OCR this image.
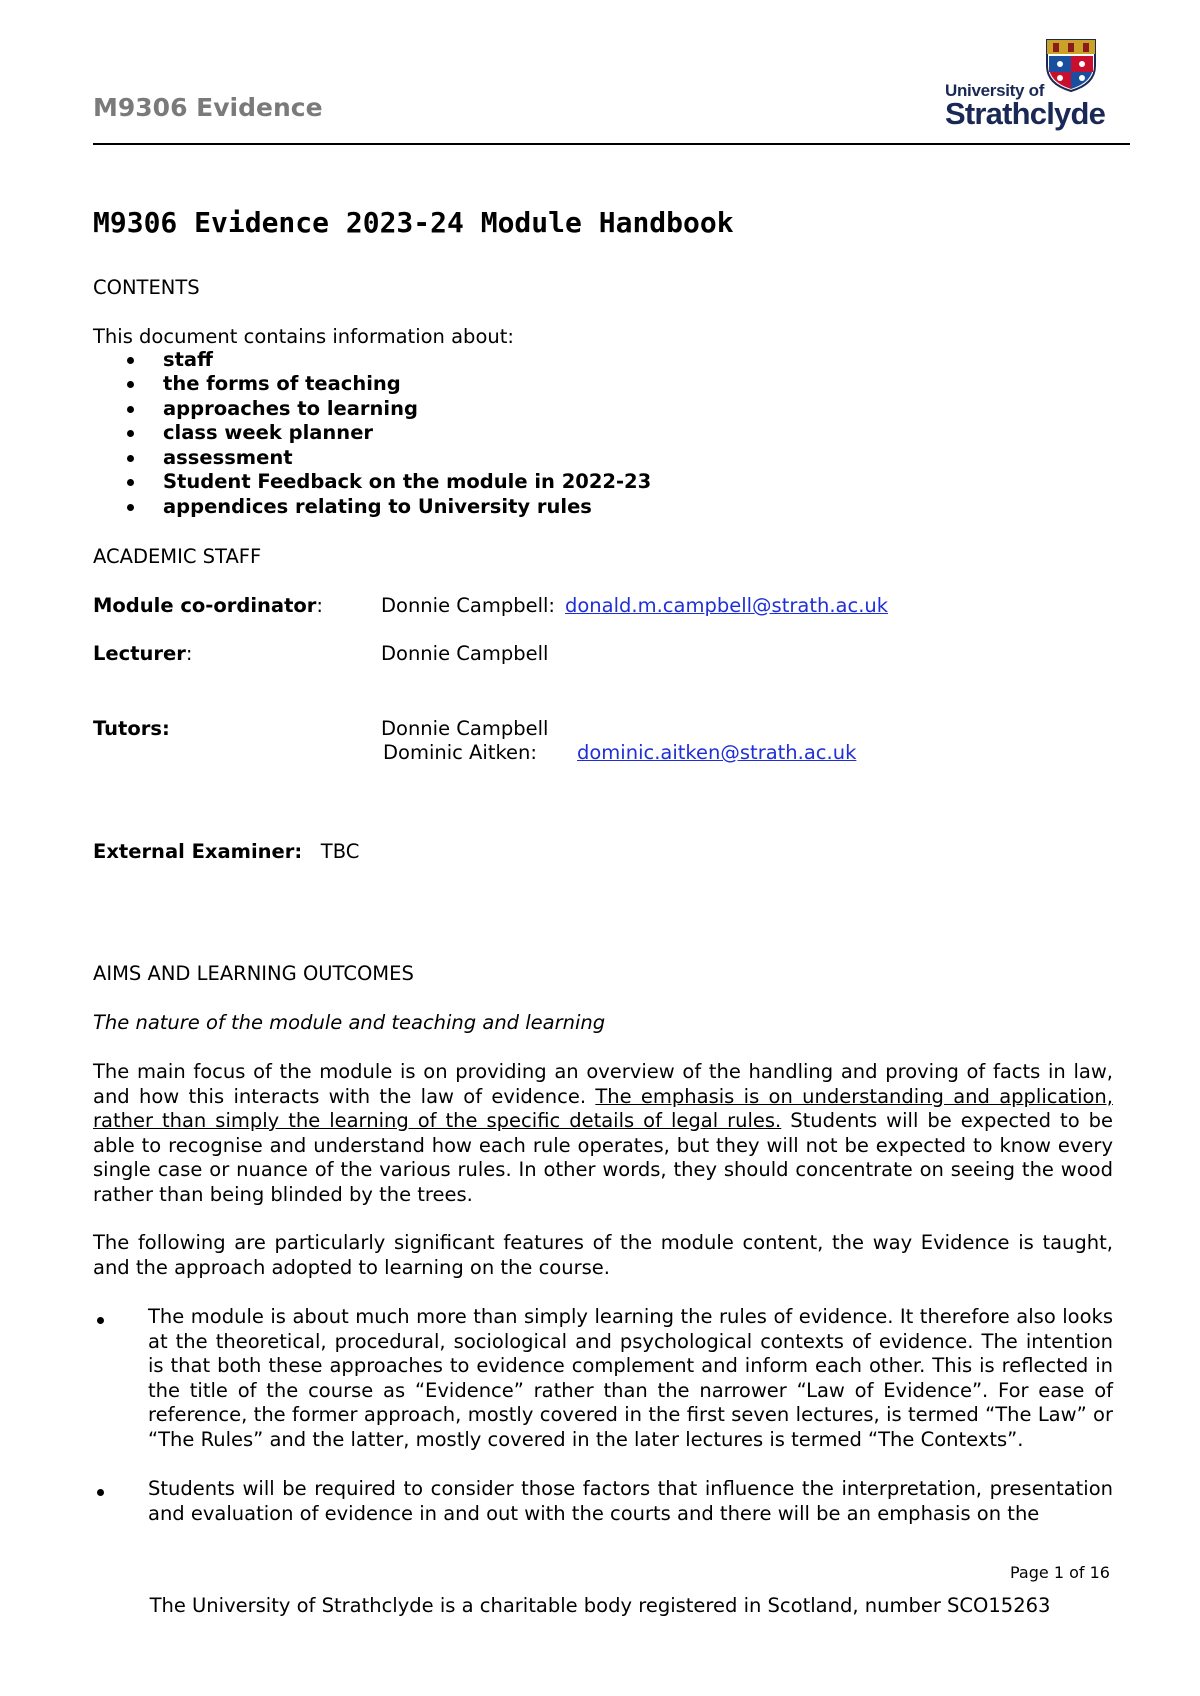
M9306 Evidence
University of
Strathclyde
M9306 Evidence 2023-24 Module Handbook
CONTENTS
This document contains information about:
staff
the forms of teaching
approaches to learning
class week planner
assessment
Student Feedback on the module in 2022-23
appendices relating to University rules
ACADEMIC STAFF
Module co-ordinator:	Donnie Campbell: donald.m.campbell@strath.ac.uk
Lecturer:	Donnie Campbell
Tutors:	Donnie Campbell
Dominic Aitken: dominic.aitken@strath.ac.uk
External Examiner: TBC
AIMS AND LEARNING OUTCOMES
The nature of the module and teaching and learning
The main focus of the module is on providing an overview of the handling and proving of facts in law, and how this interacts with the law of evidence. The emphasis is on understanding and application, rather than simply the learning of the specific details of legal rules. Students will be expected to be able to recognise and understand how each rule operates, but they will not be expected to know every single case or nuance of the various rules. In other words, they should concentrate on seeing the wood rather than being blinded by the trees.
The following are particularly significant features of the module content, the way Evidence is taught, and the approach adopted to learning on the course.
The module is about much more than simply learning the rules of evidence. It therefore also looks at the theoretical, procedural, sociological and psychological contexts of evidence. The intention is that both these approaches to evidence complement and inform each other. This is reflected in the title of the course as “Evidence” rather than the narrower “Law of Evidence”. For ease of reference, the former approach, mostly covered in the first seven lectures, is termed “The Law” or “The Rules” and the latter, mostly covered in the later lectures is termed “The Contexts”.
Students will be required to consider those factors that influence the interpretation, presentation and evaluation of evidence in and out with the courts and there will be an emphasis on the
Page 1 of 16
The University of Strathclyde is a charitable body registered in Scotland, number SCO15263
